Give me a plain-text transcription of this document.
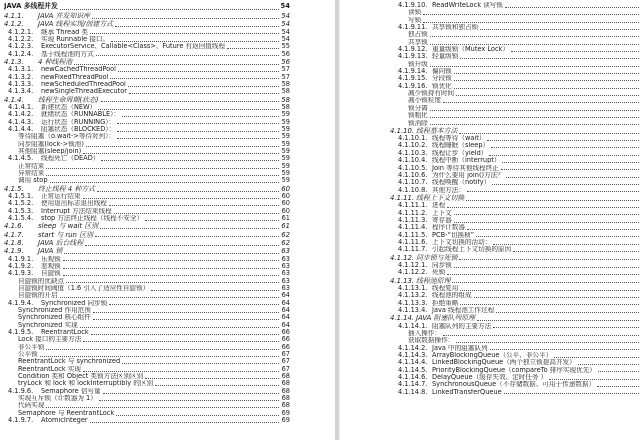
JAVA 多线程并发	54
4.1.1.	JAVA 并发知识库	54
4.1.2.	JAVA 线程实现/创建方式	54
4.1.2.1.	继承 Thread 类	54
4.1.2.2.	实现 Runnable 接口。	54
4.1.2.3.	ExecutorService、Callable<Class>、Future 有返回值线程	55
4.1.2.4.	基于线程池的方式	56
4.1.3.	4 种线程池	56
4.1.3.1.	newCachedThreadPool	57
4.1.3.2.	newFixedThreadPool	57
4.1.3.3.	newScheduledThreadPool	58
4.1.3.4.	newSingleThreadExecutor	58
4.1.4.	线程生命周期(状态)	58
4.1.4.1.	新建状态（NEW）	58
4.1.4.2.	就绪状态（RUNNABLE）：	59
4.1.4.3.	运行状态（RUNNING）：	59
4.1.4.4.	阻塞状态（BLOCKED）：	59
等待阻塞（o.wait->等待对列）：	59
同步阻塞(lock->锁池)	59
其他阻塞(sleep/join)	59
4.1.4.5.	线程死亡（DEAD）	59
正常结束	59
异常结束	59
调用 stop	59
4.1.5.	终止线程 4 种方式	60
4.1.5.1.	正常运行结束	60
4.1.5.2.	使用退出标志退出线程	60
4.1.5.3.	Interrupt 方法结束线程	60
4.1.5.4.	stop 方法终止线程（线程不安全）	61
4.1.6.	sleep 与 wait 区别	61
4.1.7.	start 与 run 区别	62
4.1.8.	JAVA 后台线程	62
4.1.9.	JAVA 锁	63
4.1.9.1.	乐观锁	63
4.1.9.2.	悲观锁	63
4.1.9.3.	自旋锁	63
自旋锁的优缺点	63
自旋锁时间阈值（1.6 引入了适应性自旋锁）	63
自旋锁的开启	64
4.1.9.4.	Synchronized 同步锁	64
Synchronized 作用范围	64
Synchronized 核心组件	64
Synchronized 实现	64
4.1.9.5.	ReentrantLock	66
Lock 接口的主要方法	66
非公平锁	66
公平锁	67
ReentrantLock 与 synchronized	67
ReentrantLock 实现	67
Condition 类和 Object 类锁方法区别区别	68
tryLock 和 lock 和 lockInterruptibly 的区别	68
4.1.9.6.	Semaphore 信号量	68
实现互斥锁（计数器为 1）	68
代码实现	68
Semaphore 与 ReentrantLock	69
4.1.9.7.	AtomicInteger	69
4.1.9.10. ReadWriteLock 读写锁
读锁
写锁
4.1.9.11. 共享锁和独占锁
独占锁
共享锁
4.1.9.12. 重量级锁（Mutex Lock）
4.1.9.13. 轻量级锁
锁升级
4.1.9.14. 偏向锁
4.1.9.15. 分段锁
4.1.9.16. 锁优化
减少锁持有时间
减小锁粒度
锁分离
锁粗化
锁消除
4.1.10. 线程基本方法
4.1.10.1. 线程等待（wait）
4.1.10.2. 线程睡眠（sleep）
4.1.10.3. 线程让步（yield）
4.1.10.4. 线程中断（interrupt）
4.1.10.5. Join 等待其他线程终止
4.1.10.6. 为什么要用 join()方法？
4.1.10.7. 线程唤醒（notify）
4.1.10.8. 其他方法：
4.1.11. 线程上下文切换
4.1.11.1. 进程
4.1.11.2. 上下文
4.1.11.3. 寄存器
4.1.11.4. 程序计数器
4.1.11.5. PCB-“切换桢”
4.1.11.6. 上下文切换的活动：
4.1.11.7. 引起线程上下文切换的原因
4.1.12. 同步锁与死锁
4.1.12.1. 同步锁
4.1.12.2. 死锁
4.1.13. 线程池原理
4.1.13.1. 线程复用
4.1.13.2. 线程池的组成
4.1.13.3. 拒绝策略
4.1.13.4. Java 线程池工作过程
4.1.14. JAVA 阻塞队列原理
4.1.14.1. 阻塞队列的主要方法
插入操作：
获取数据操作：
4.1.14.2. Java 中的阻塞队列
4.1.14.3. ArrayBlockingQueue（公平、非公平）
4.1.14.4. LinkedBlockingQueue（两个独立锁提高并发）
4.1.14.5. PriorityBlockingQueue（compareTo 排序实现优先）
4.1.14.6. DelayQueue（缓存失效、定时任务 ）
4.1.14.7. SynchronousQueue（不存储数据、可用于传递数据）
4.1.14.8. LinkedTransferQueue
